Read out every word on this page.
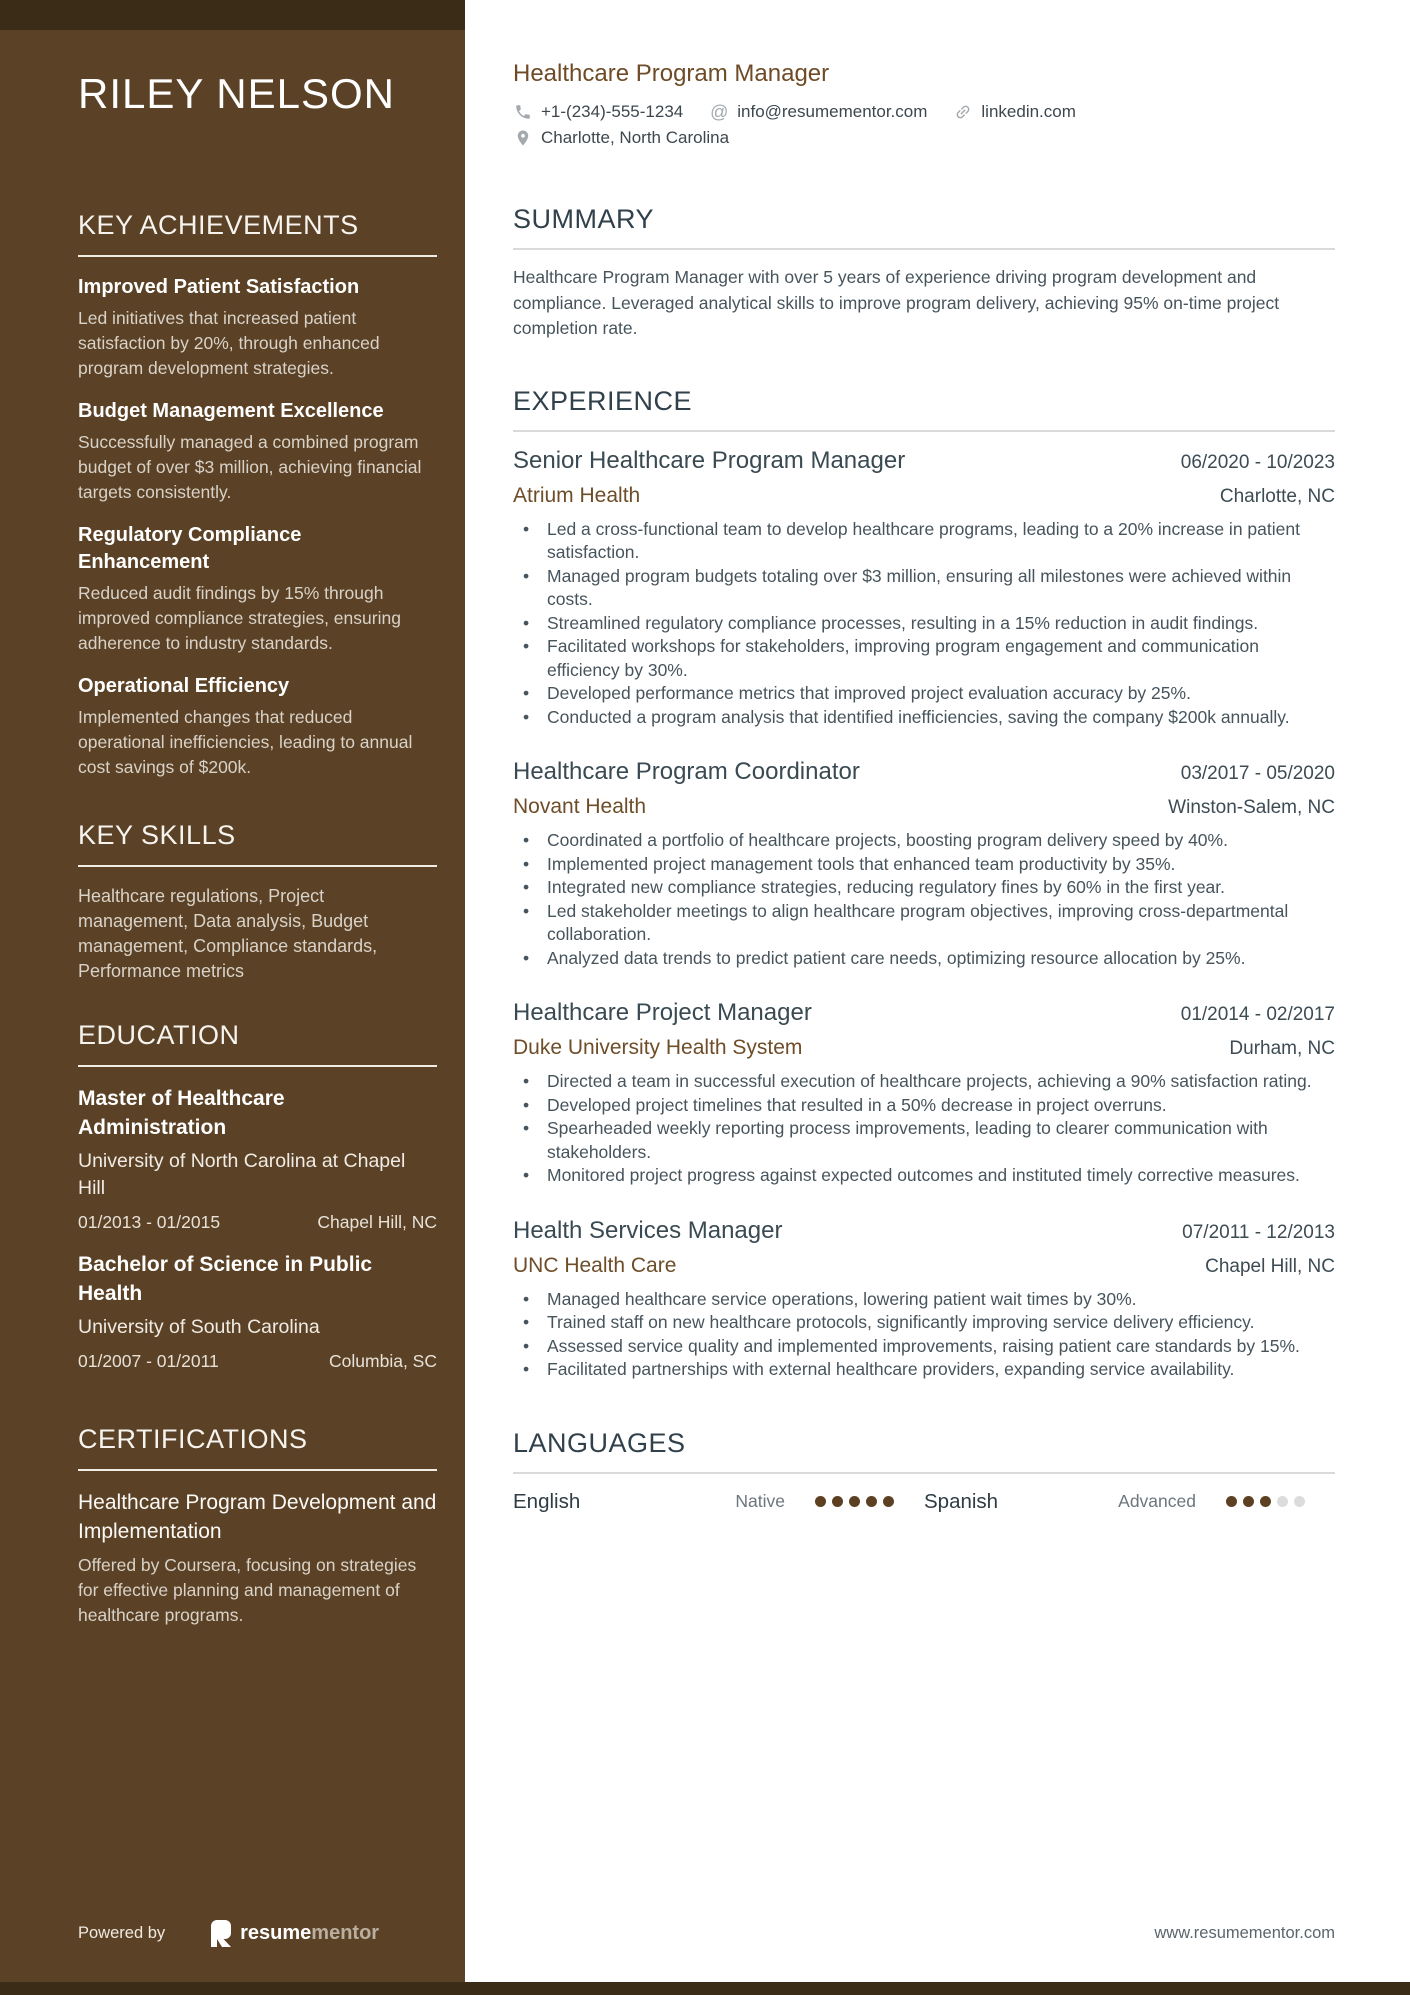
RILEY NELSON
KEY ACHIEVEMENTS
Improved Patient Satisfaction
Led initiatives that increased patient satisfaction by 20%, through enhanced program development strategies.
Budget Management Excellence
Successfully managed a combined program budget of over $3 million, achieving financial targets consistently.
Regulatory Compliance Enhancement
Reduced audit findings by 15% through improved compliance strategies, ensuring adherence to industry standards.
Operational Efficiency
Implemented changes that reduced operational inefficiencies, leading to annual cost savings of $200k.
KEY SKILLS
Healthcare regulations, Project management, Data analysis, Budget management, Compliance standards, Performance metrics
EDUCATION
Master of Healthcare Administration
University of North Carolina at Chapel Hill
01/2013 - 01/2015	Chapel Hill, NC
Bachelor of Science in Public Health
University of South Carolina
01/2007 - 01/2011	Columbia, SC
CERTIFICATIONS
Healthcare Program Development and Implementation
Offered by Coursera, focusing on strategies for effective planning and management of healthcare programs.
Powered by	resumementor
Healthcare Program Manager
+1-(234)-555-1234 @ info@resumementor.com	linkedin.com
Charlotte, North Carolina
SUMMARY

Healthcare Program Manager with over 5 years of experience driving program development and compliance. Leveraged analytical skills to improve program delivery, achieving 95% on-time project completion rate.

EXPERIENCE
Senior Healthcare Program Manager	06/2020 - 10/2023
Atrium Health	Charlotte, NC
• Led a cross-functional team to develop healthcare programs, leading to a 20% increase in patient satisfaction.
• Managed program budgets totaling over $3 million, ensuring all milestones were achieved within costs.
• Streamlined regulatory compliance processes, resulting in a 15% reduction in audit findings.
• Facilitated workshops for stakeholders, improving program engagement and communication efficiency by 30%.
• Developed performance metrics that improved project evaluation accuracy by 25%.
• Conducted a program analysis that identified inefficiencies, saving the company $200k annually.
Healthcare Program Coordinator	03/2017 - 05/2020
Novant Health	Winston-Salem, NC
• Coordinated a portfolio of healthcare projects, boosting program delivery speed by 40%.
• Implemented project management tools that enhanced team productivity by 35%.
• Integrated new compliance strategies, reducing regulatory fines by 60% in the first year.
• Led stakeholder meetings to align healthcare program objectives, improving cross-departmental collaboration.
• Analyzed data trends to predict patient care needs, optimizing resource allocation by 25%.
Healthcare Project Manager	01/2014 - 02/2017
Duke University Health System	Durham, NC
• Directed a team in successful execution of healthcare projects, achieving a 90% satisfaction rating.
• Developed project timelines that resulted in a 50% decrease in project overruns.
• Spearheaded weekly reporting process improvements, leading to clearer communication with stakeholders.
• Monitored project progress against expected outcomes and instituted timely corrective measures.
Health Services Manager	07/2011 - 12/2013
UNC Health Care	Chapel Hill, NC
• Managed healthcare service operations, lowering patient wait times by 30%.
• Trained staff on new healthcare protocols, significantly improving service delivery efficiency.
• Assessed service quality and implemented improvements, raising patient care standards by 15%.
• Facilitated partnerships with external healthcare providers, expanding service availability.
LANGUAGES
English	Native	Spanish	Advanced
www.resumementor.com
